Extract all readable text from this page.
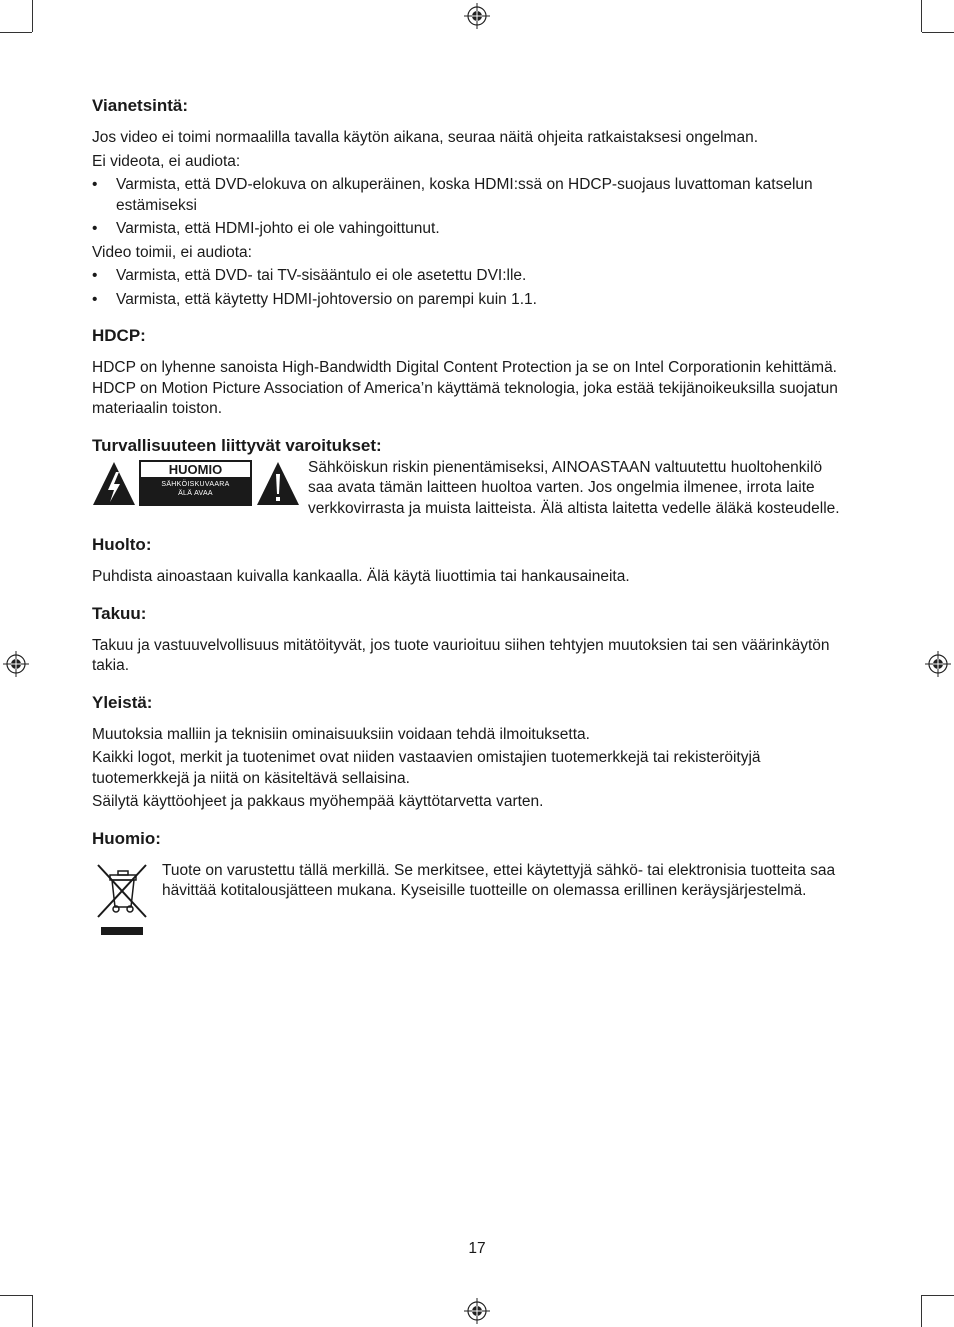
Vianetsintä:

Jos video ei toimi normaalilla tavalla käytön aikana, seuraa näitä ohjeita ratkaistaksesi ongelman.

Ei videota, ei audiota:

• Varmista, että DVD-elokuva on alkuperäinen, koska HDMI:ssä on HDCP-suojaus luvattoman katselun estämiseksi
• Varmista, että HDMI-johto ei ole vahingoittunut.

Video toimii, ei audiota:

• Varmista, että DVD- tai TV-sisääntulo ei ole asetettu DVI:lle.
• Varmista, että käytetty HDMI-johtoversio on parempi kuin 1.1.
HDCP:

HDCP on lyhenne sanoista High-Bandwidth Digital Content Protection ja se on Intel Corporationin kehittämä. HDCP on Motion Picture Association of America’n käyttämä teknologia, joka estää tekijänoikeuksilla suojatun materiaalin toiston.

Turvallisuuteen liittyvät varoitukset:
HUOMIO
SÄHKÖISKUVAARA
ÄLÄ AVAA

Sähköiskun riskin pienentämiseksi, AINOASTAAN valtuutettu huoltohenkilö saa avata tämän laitteen huoltoa varten. Jos ongelmia ilmenee, irrota laite verkkovirrasta ja muista laitteista. Älä altista laitetta vedelle äläkä kosteudelle.

Huolto:

Puhdista ainoastaan kuivalla kankaalla. Älä käytä liuottimia tai hankausaineita.

Takuu:

Takuu ja vastuuvelvollisuus mitätöityvät, jos tuote vaurioituu siihen tehtyjen muutoksien tai sen väärinkäytön takia.

Yleistä:

Muutoksia malliin ja teknisiin ominaisuuksiin voidaan tehdä ilmoituksetta.

Kaikki logot, merkit ja tuotenimet ovat niiden vastaavien omistajien tuotemerkkejä tai rekisteröityjä tuotemerkkejä ja niitä on käsiteltävä sellaisina.

Säilytä käyttöohjeet ja pakkaus myöhempää käyttötarvetta varten.

Huomio:

Tuote on varustettu tällä merkillä. Se merkitsee, ettei käytettyjä sähkö- tai elektronisia tuotteita saa hävittää kotitalousjätteen mukana. Kyseisille tuotteille on olemassa erillinen keräysjärjestelmä.

17
